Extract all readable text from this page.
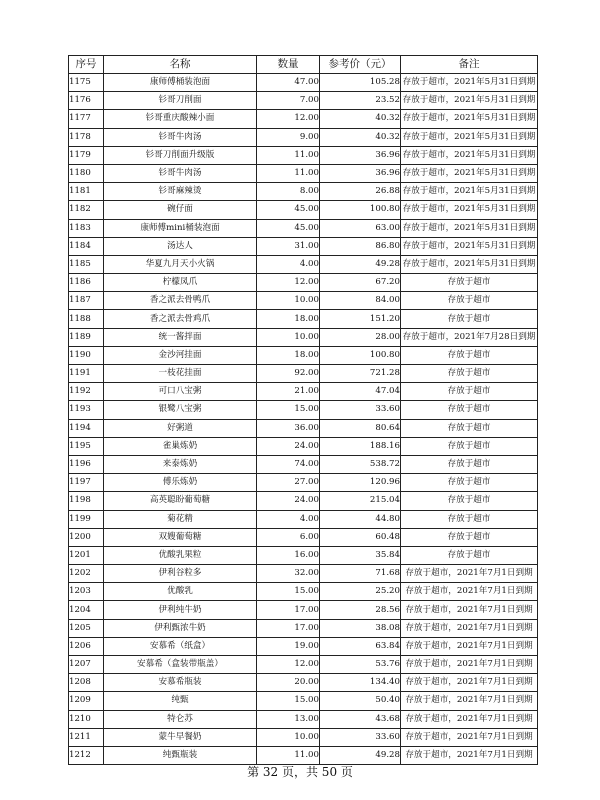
序号	名称	数量	参考价（元）	备注
1175	康师傅桶装泡面	47.00	105.28	存放于超市，2021年5月31日到期
1176	钐哥刀削面	7.00	23.52	存放于超市，2021年5月31日到期
1177	钐哥重庆酸辣小面	12.00	40.32	存放于超市，2021年5月31日到期
1178	钐哥牛肉汤	9.00	40.32	存放于超市，2021年5月31日到期
1179	钐哥刀削面升级版	11.00	36.96	存放于超市，2021年5月31日到期
1180	钐哥牛肉汤	11.00	36.96	存放于超市，2021年5月31日到期
1181	钐哥麻辣烫	8.00	26.88	存放于超市，2021年5月31日到期
1182	碗仔面	45.00	100.80	存放于超市，2021年5月31日到期
1183	康师傅mini桶装泡面	45.00	63.00	存放于超市，2021年5月31日到期
1184	汤达人	31.00	86.80	存放于超市，2021年5月31日到期
1185	华夏九月天小火锅	4.00	49.28	存放于超市，2021年5月31日到期
1186	柠檬凤爪	12.00	67.20	存放于超市
1187	香之派去骨鸭爪	10.00	84.00	存放于超市
1188	香之派去骨鸡爪	18.00	151.20	存放于超市
1189	统一酱拌面	10.00	28.00	存放于超市，2021年7月28日到期
1190	金沙河挂面	18.00	100.80	存放于超市
1191	一枝花挂面	92.00	721.28	存放于超市
1192	可口八宝粥	21.00	47.04	存放于超市
1193	银鹭八宝粥	15.00	33.60	存放于超市
1194	好粥道	36.00	80.64	存放于超市
1195	雀巢炼奶	24.00	188.16	存放于超市
1196	来泰炼奶	74.00	538.72	存放于超市
1197	傅乐炼奶	27.00	120.96	存放于超市
1198	高英聪盼葡萄糖	24.00	215.04	存放于超市
1199	菊花精	4.00	44.80	存放于超市
1200	双嫂葡萄糖	6.00	60.48	存放于超市
1201	优酸乳果粒	16.00	35.84	存放于超市
1202	伊利谷粒多	32.00	71.68	存放于超市，2021年7月1日到期
1203	优酸乳	15.00	25.20	存放于超市，2021年7月1日到期
1204	伊利纯牛奶	17.00	28.56	存放于超市，2021年7月1日到期
1205	伊利甄浓牛奶	17.00	38.08	存放于超市，2021年7月1日到期
1206	安慕希（纸盒）	19.00	63.84	存放于超市，2021年7月1日到期
1207	安慕希（盒装带瓶盖）	12.00	53.76	存放于超市，2021年7月1日到期
1208	安慕希瓶装	20.00	134.40	存放于超市，2021年7月1日到期
1209	纯甄	15.00	50.40	存放于超市，2021年7月1日到期
1210	特仑苏	13.00	43.68	存放于超市，2021年7月1日到期
1211	蒙牛早餐奶	10.00	33.60	存放于超市，2021年7月1日到期
1212	纯甄瓶装	11.00	49.28	存放于超市，2021年7月1日到期
第 32 页，共 50 页
